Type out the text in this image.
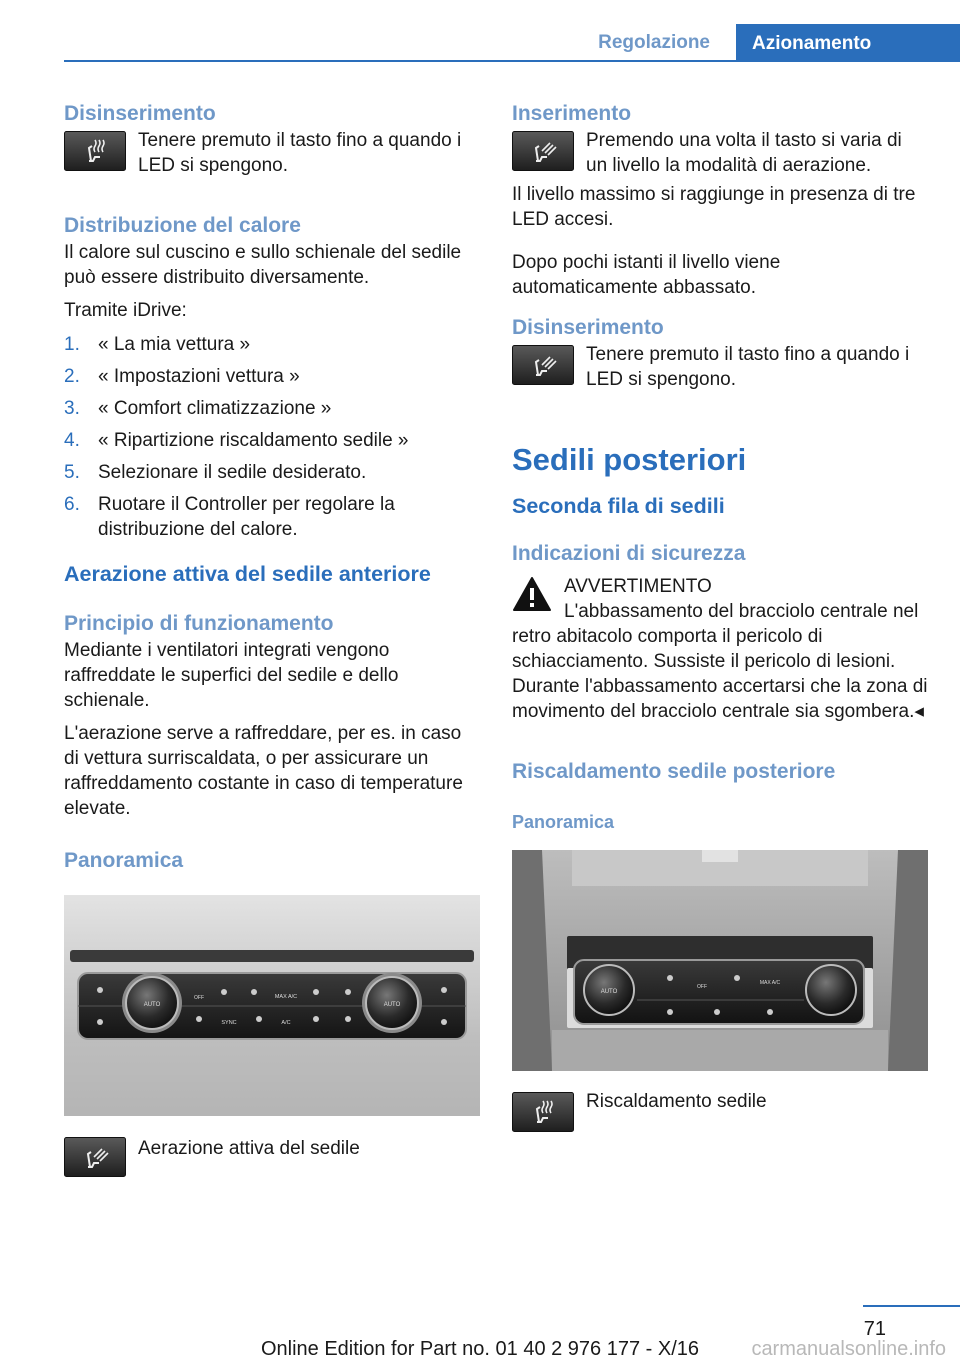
Regolazione	Azionamento
Disinserimento

Tenere premuto il tasto fino a quando i LED si spengono.

Distribuzione del calore

Il calore sul cuscino e sullo schienale del sedile può essere distribuito diversamente.

Tramite iDrive:

1. « La mia vettura »
2. « Impostazioni vettura »
3. « Comfort climatizzazione »
4. « Ripartizione riscaldamento sedile »
5. Selezionare il sedile desiderato.
6. Ruotare il Controller per regolare la distribuzione del calore.
Aerazione attiva del sedile anteriore
Principio di funzionamento

Mediante i ventilatori integrati vengono raffreddate le superfici del sedile e dello schienale.

L'aerazione serve a raffreddare, per es. in caso di vettura surriscaldata, o per assicurare un raffreddamento costante in caso di temperature elevate.

Panoramica
AUTO	AUTO
OFF	MAX A/C
SYNC	A/C

Aerazione attiva del sedile

Inserimento

Premendo una volta il tasto si varia di un livello la modalità di aerazione.

Il livello massimo si raggiunge in presenza di tre LED accesi.

Dopo pochi istanti il livello viene automaticamente abbassato.

Disinserimento

Tenere premuto il tasto fino a quando i LED si spengono.

Sedili posteriori
Seconda fila di sedili
Indicazioni di sicurezza
AVVERTIMENTO

L'abbassamento del bracciolo centrale nel retro abitacolo comporta il pericolo di schiacciamento. Sussiste il pericolo di lesioni. Durante l'abbassamento accertarsi che la zona di movimento del bracciolo centrale sia sgombera.◂

Riscaldamento sedile posteriore
Panoramica
AUTO
OFF
MAX A/C

Riscaldamento sedile

71
Online Edition for Part no. 01 40 2 976 177 - X/16	carmanualsonline.info
